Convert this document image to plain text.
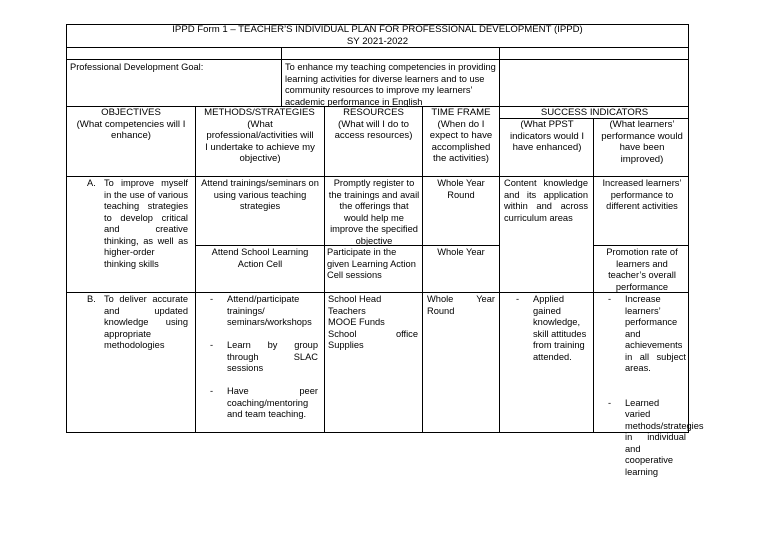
IPPD Form 1 – TEACHER’S INDIVIDUAL PLAN FOR PROFESSIONAL DEVELOPMENT (IPPD)
SY 2021-2022
Professional Development Goal:	To enhance my teaching competencies in providing learning activities for diverse learners and to use community resources to improve my learners’ academic performance in English
OBJECTIVES
(What competencies will I enhance)
METHODS/STRATEGIES
(What professional/activities will I undertake to achieve my objective)
RESOURCES
(What will I do to access resources)
TIME FRAME
(When do I expect to have accomplished the activities)
SUCCESS INDICATORS
(What PPST indicators would I have enhanced)
(What learners’ performance would have been improved)
A. To improve myself in the use of various teaching strategies to develop critical and creative thinking, as well as higher-order thinking skills
Attend trainings/seminars on using various teaching strategies
Promptly register to the trainings and avail the offerings that would help me improve the specified objective
Whole Year Round
Content knowledge and its application within and across curriculum areas
Increased learners’ performance to different activities
Attend School Learning Action Cell
Participate in the given Learning Action Cell sessions
Whole Year	Promotion rate of learners and teacher’s overall performance
B. To deliver accurate and updated knowledge using appropriate methodologies
- Attend/participate trainings/ seminars/workshops
- Learn by group through SLAC sessions
- Have peer coaching/mentoring and team teaching.
School Head
Teachers
MOOE Funds
School office Supplies
Whole Year Round
- Applied gained knowledge, skill attitudes from training attended.
- Increase learners’ performance and achievements in all subject areas.
- Learned varied methods/strategies in individual and cooperative learning
